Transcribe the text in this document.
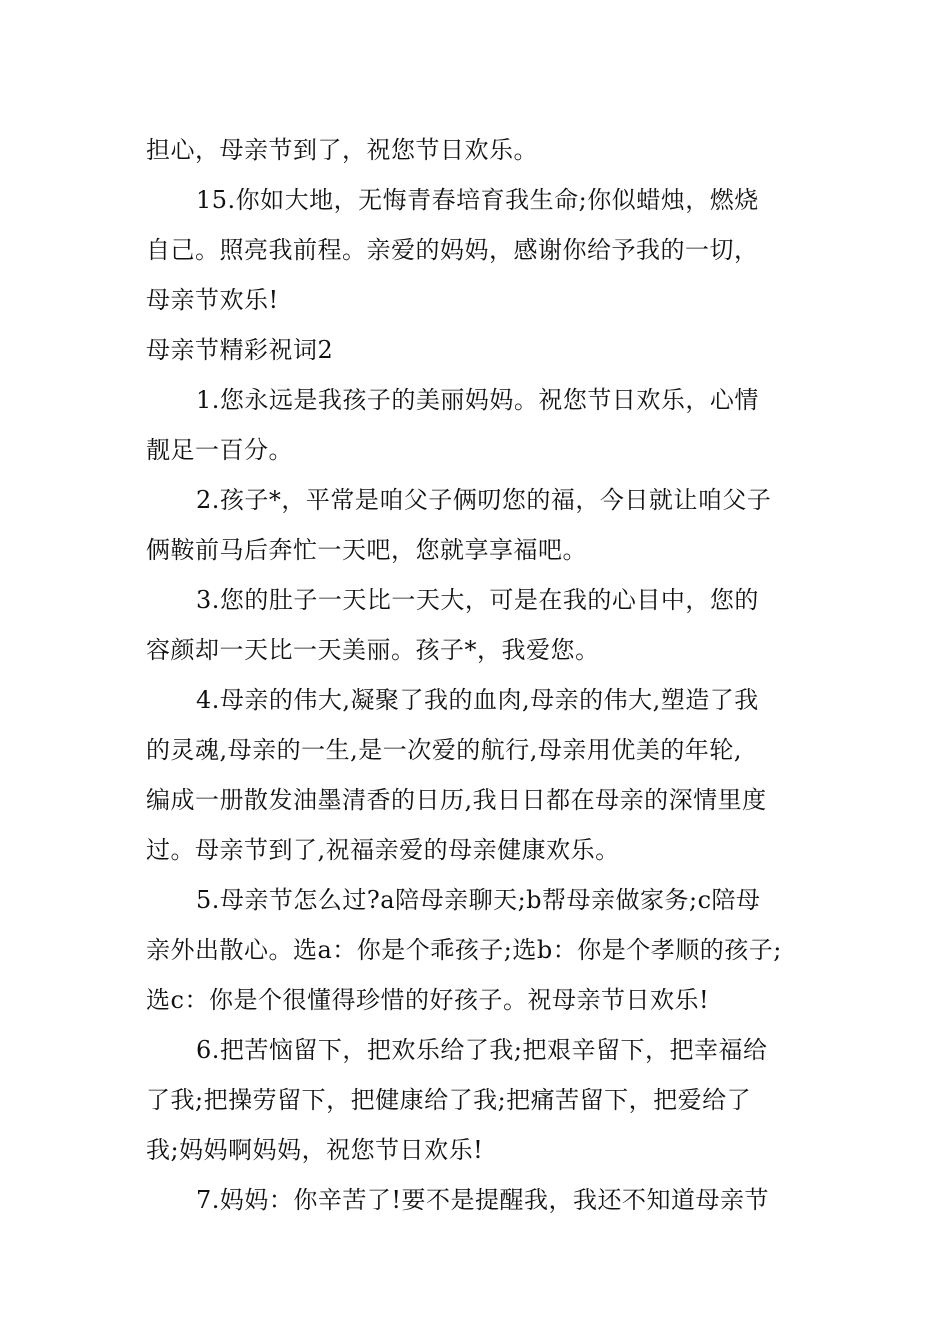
担心，母亲节到了，祝您节日欢乐。
15.你如大地，无悔青春培育我生命;你似蜡烛，燃烧
自己。照亮我前程。亲爱的妈妈，感谢你给予我的一切，
母亲节欢乐!
母亲节精彩祝词2
1.您永远是我孩子的美丽妈妈。祝您节日欢乐，心情
靓足一百分。
2.孩子*，平常是咱父子俩叨您的福，今日就让咱父子
俩鞍前马后奔忙一天吧，您就享享福吧。
3.您的肚子一天比一天大，可是在我的心目中，您的
容颜却一天比一天美丽。孩子*，我爱您。
4.母亲的伟大,凝聚了我的血肉,母亲的伟大,塑造了我
的灵魂,母亲的一生,是一次爱的航行,母亲用优美的年轮,
编成一册散发油墨清香的日历,我日日都在母亲的深情里度
过。母亲节到了,祝福亲爱的母亲健康欢乐。
5.母亲节怎么过?a陪母亲聊天;b帮母亲做家务;c陪母
亲外出散心。选a：你是个乖孩子;选b：你是个孝顺的孩子;
选c：你是个很懂得珍惜的好孩子。祝母亲节日欢乐!
6.把苦恼留下，把欢乐给了我;把艰辛留下，把幸福给
了我;把操劳留下，把健康给了我;把痛苦留下，把爱给了
我;妈妈啊妈妈，祝您节日欢乐!
7.妈妈：你辛苦了!要不是提醒我，我还不知道母亲节
